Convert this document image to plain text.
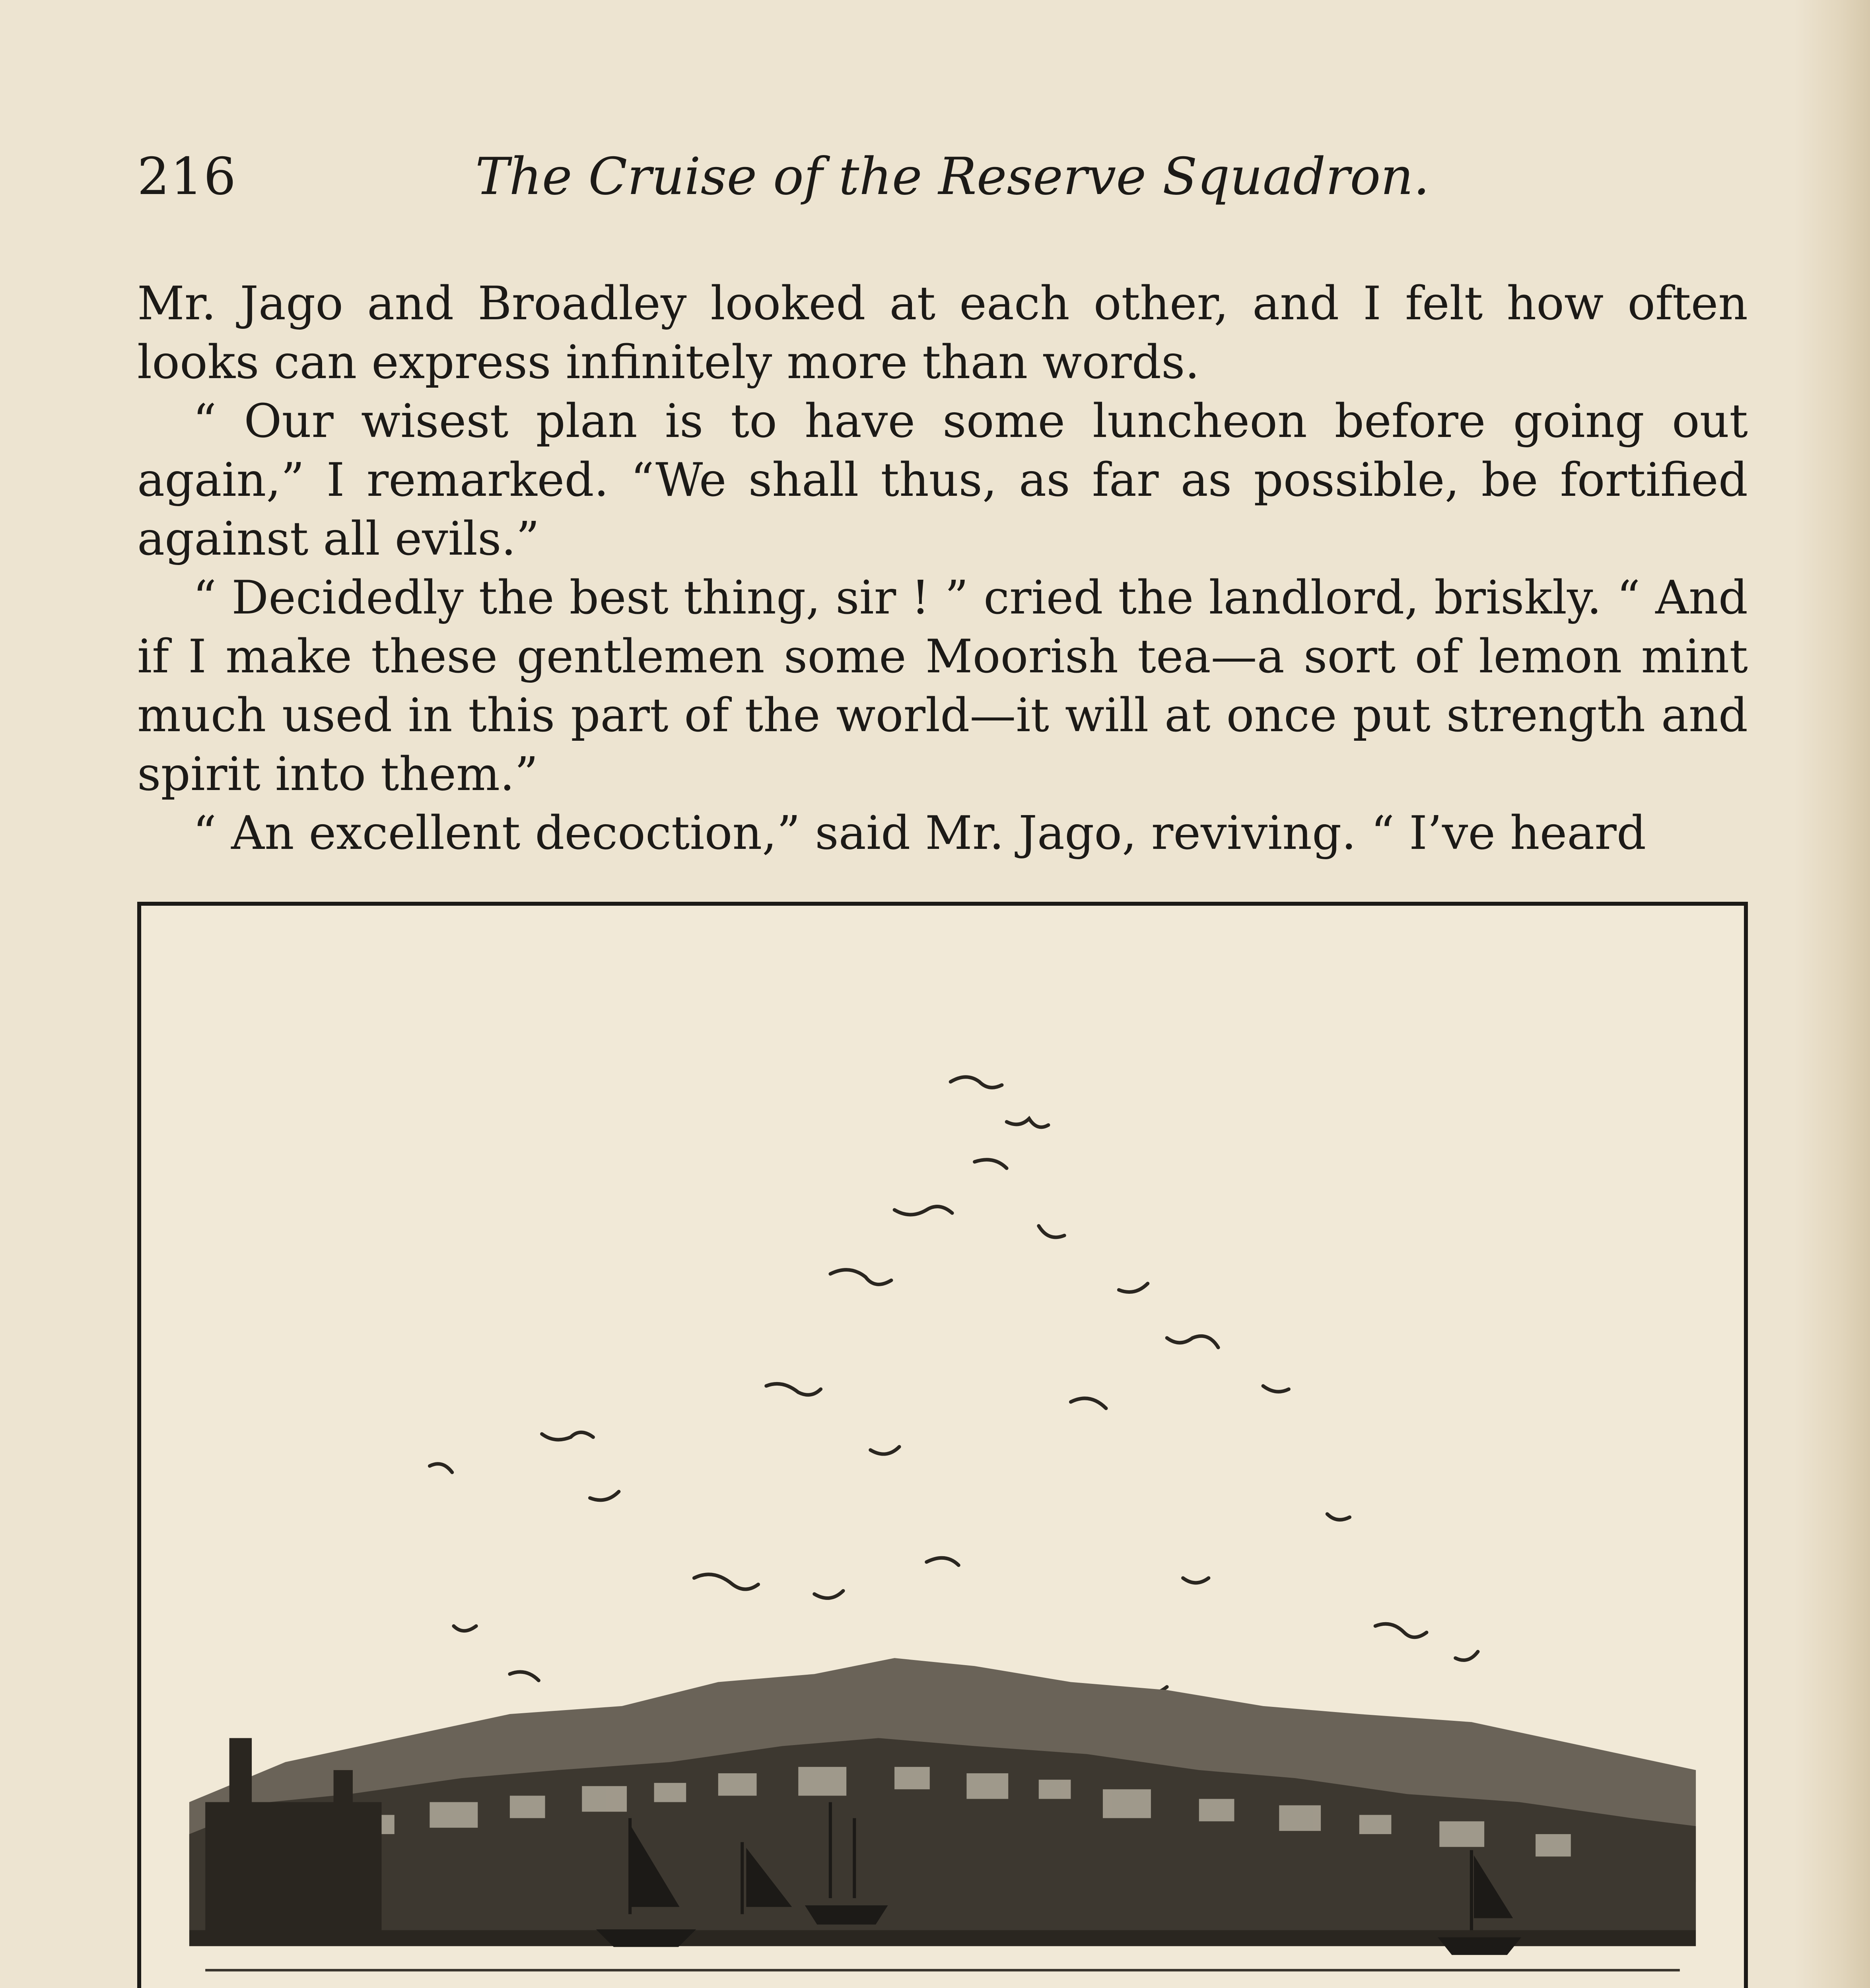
216	The Cruise of the Reserve Squadron.

Mr. Jago and Broadley looked at each other, and I felt how often looks can express infinitely more than words.

“ Our wisest plan is to have some luncheon before going out again,” I remarked. “We shall thus, as far as possible, be fortified against all evils.”

“ Decidedly the best thing, sir ! ” cried the landlord, briskly. “ And if I make these gentlemen some Moorish tea—a sort of lemon mint much used in this part of the world—it will at once put strength and spirit into them.”

“ An excellent decoction,” said Mr. Jago, reviving. “ I’ve heard
